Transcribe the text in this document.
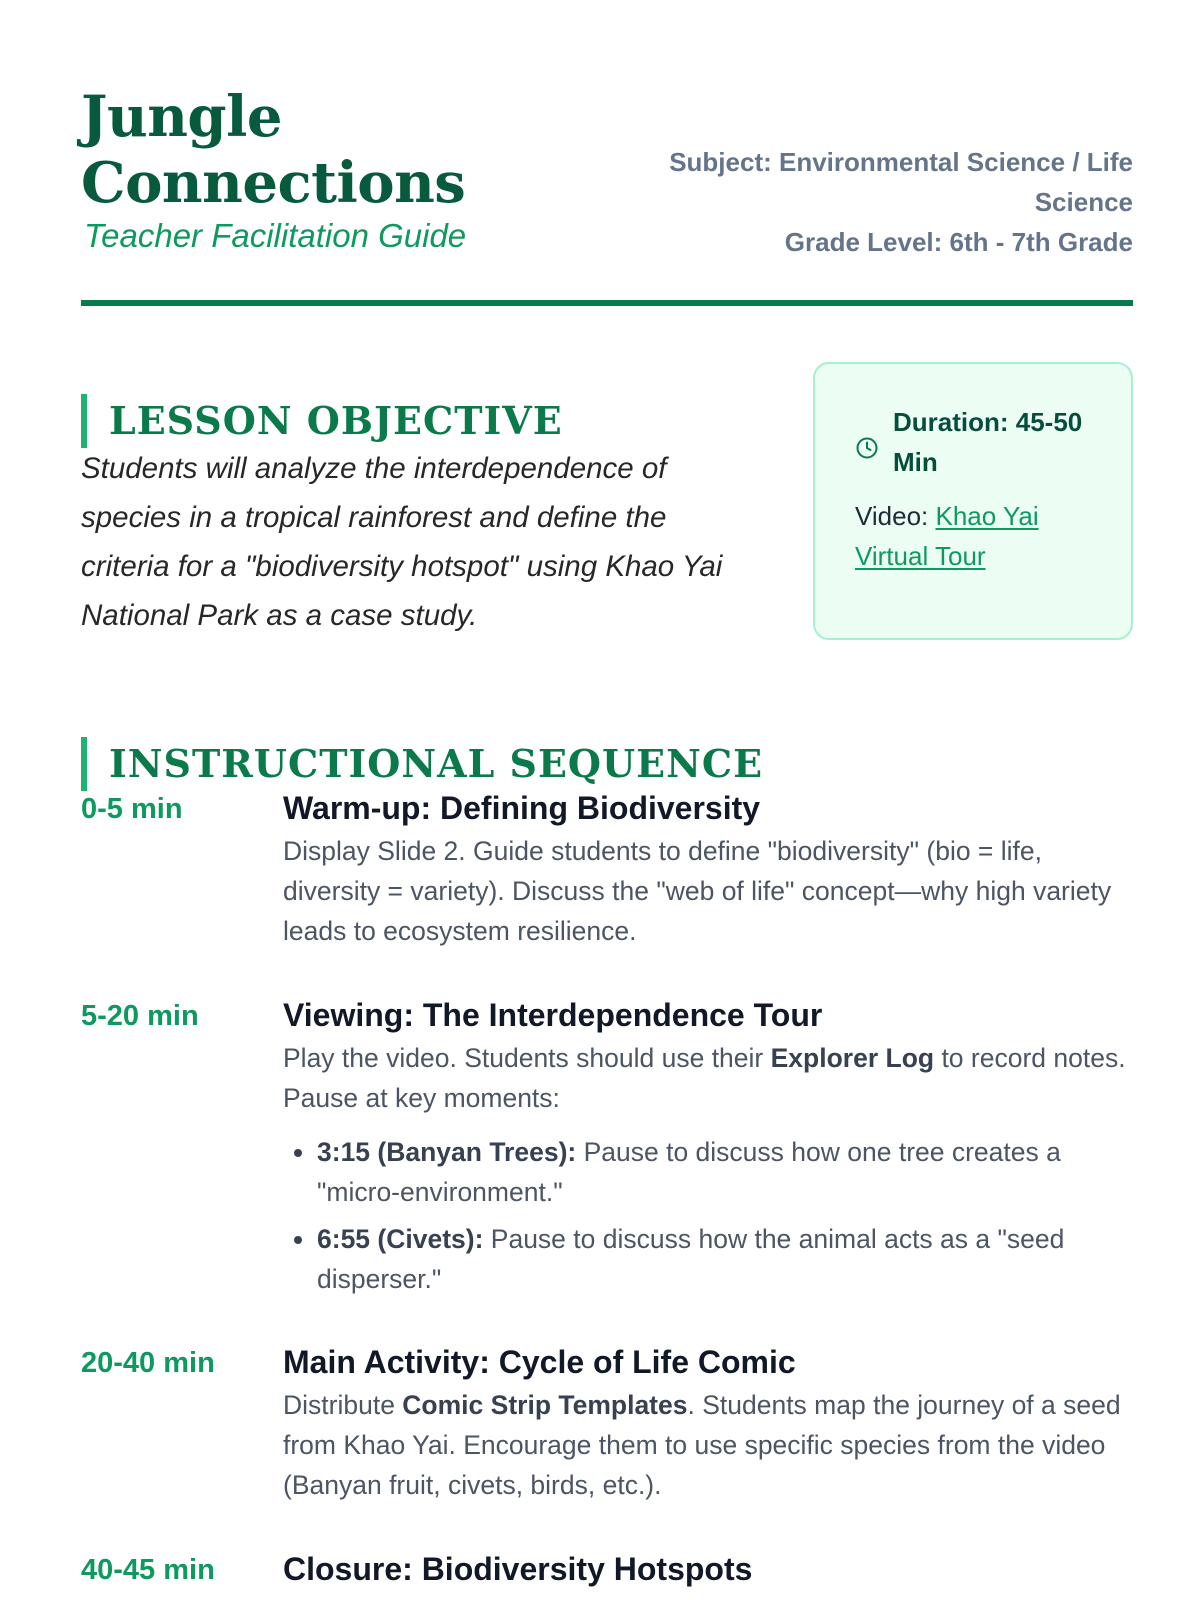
Jungle Connections
Teacher Facilitation Guide
Subject: Environmental Science / Life Science
Grade Level: 6th - 7th Grade
LESSON OBJECTIVE

Students will analyze the interdependence of species in a tropical rainforest and define the criteria for a "biodiversity hotspot" using Khao Yai National Park as a case study.

Duration: 45-50 Min
Video: Khao Yai Virtual Tour
INSTRUCTIONAL SEQUENCE
0-5 min	Warm-up: Defining Biodiversity

Display Slide 2. Guide students to define "biodiversity" (bio = life, diversity = variety). Discuss the "web of life" concept—why high variety leads to ecosystem resilience.

5-20 min	Viewing: The Interdependence Tour

Play the video. Students should use their Explorer Log to record notes. Pause at key moments:

• 3:15 (Banyan Trees): Pause to discuss how one tree creates a "micro-environment."
• 6:55 (Civets): Pause to discuss how the animal acts as a "seed disperser."
20-40 min	Main Activity: Cycle of Life Comic

Distribute Comic Strip Templates. Students map the journey of a seed from Khao Yai. Encourage them to use specific species from the video (Banyan fruit, civets, birds, etc.).

40-45 min	Closure: Biodiversity Hotspots
